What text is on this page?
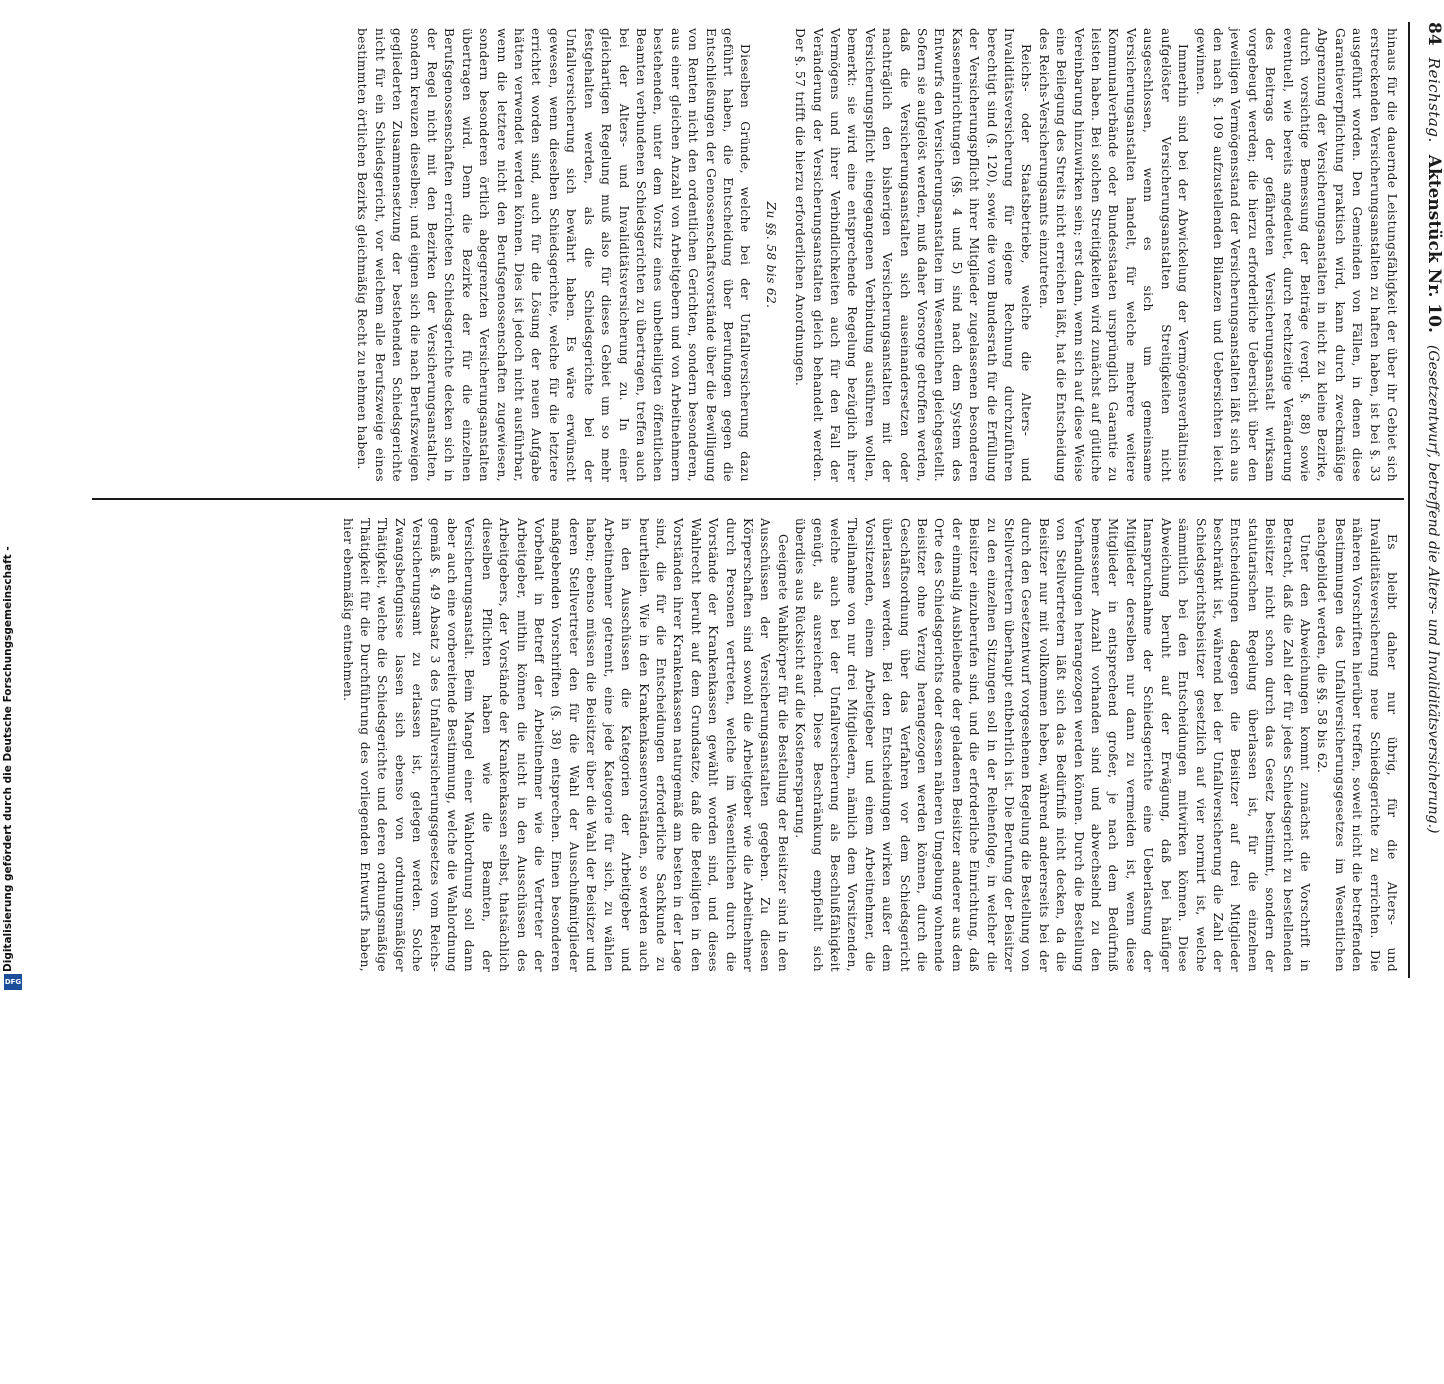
Digitalisierung gefördert durch die Deutsche Forschungsgemeinschaft -
DFG
84
Reichstag.
Aktenstück Nr. 10.
(Gesetzentwurf, betreffend die Alters- und Invaliditätsversicherung.)

hinaus für die dauernde Leistungsfähigkeit der über ihr Gebiet sich erstreckenden Versicherungsanstalten zu haften haben, ist bei §. 33 ausgeführt worden. Den Gemeinden von Fällen, in denen diese Garantieverpflichtung praktisch wird, kann durch zweckmäßige Abgrenzung der Versicherungsanstalten in nicht zu kleine Bezirke, durch vorsichtige Bemessung der Beiträge (vergl. §. 88) sowie eventuell, wie bereits angedeutet, durch rechtzeitige Veränderung des Beitrags der gefährdeten Versicherungsanstalt wirksam vorgebeugt werden; die hierzu erforderliche Uebersicht über den jeweiligen Vermögensstand der Versicherungsanstalten läßt sich aus den nach §. 109 aufzustellenden Bilanzen und Uebersichten leicht gewinnen.

Immerhin sind bei der Abwickelung der Vermögensverhältnisse aufgelöster Versicherungsanstalten Streitigkeiten nicht ausgeschlossen, wenn es sich um gemeinsame Versicherungsanstalten handelt, für welche mehrere weitere Kommunalverbände oder Bundesstaaten ursprünglich Garantie zu leisten haben. Bei solchen Streitigkeiten wird zunächst auf gütliche Vereinbarung hinzuwirken sein; erst dann, wenn sich auf diese Weise eine Beilegung des Streits nicht erreichen läßt, hat die Entscheidung des Reichs-Versicherungsamts einzutreten.

Reichs- oder Staatsbetriebe, welche die Alters- und Invaliditätsversicherung für eigene Rechnung durchzuführen berechtigt sind (§. 120), sowie die vom Bundesrath für die Erfüllung der Versicherungspflicht ihrer Mitglieder zugelassenen besonderen Kasseneinrichtungen (§§. 4 und 5) sind nach dem System des Entwurfs den Versicherungsanstalten im Wesentlichen gleichgestellt. Sofern sie aufgelöst werden, muß daher Vorsorge getroffen werden, daß die Versicherungsanstalten sich auseinandersetzen oder nachträglich den bisherigen Versicherungsanstalten mit der Versicherungspflicht eingegangenen Verbindung ausführen wollen, bemerkt: sie wird eine entsprechende Regelung bezüglich ihrer Vermögens und ihrer Verbindlichkeiten auch für den Fall der Veränderung der Versicherungsanstalten gleich behandelt werden. Der §. 57 trifft die hierzu erforderlichen Anordnungen.

Zu §§. 58 bis 62.

Dieselben Gründe, welche bei der Unfallversicherung dazu geführt haben, die Entscheidung über Berufungen gegen die Entschließungen der Genossenschaftsvorstände über die Bewilligung von Renten nicht den ordentlichen Gerichten, sondern besonderen, aus einer gleichen Anzahl von Arbeitgebern und von Arbeitnehmern bestehenden, unter dem Vorsitz eines unbetheiligten öffentlichen Beamten verbundenen Schiedsgerichten zu übertragen, treffen auch bei der Alters- und Invaliditätsversicherung zu. In einer gleichartigen Regelung muß also für dieses Gebiet um so mehr festgehalten werden, als die Schiedsgerichte bei der Unfallversicherung sich bewährt haben. Es wäre erwünscht gewesen, wenn dieselben Schiedsgerichte, welche für die letztere errichtet worden sind, auch für die Lösung der neuen Aufgabe hätten verwendet werden können. Dies ist jedoch nicht ausführbar, wenn die letztere nicht den Berufsgenossenschaften zugewiesen, sondern besonderen örtlich abgegrenzten Versicherungsanstalten übertragen wird. Denn die Bezirke der für die einzelnen Berufsgenossenschaften errichteten Schiedsgerichte decken sich in der Regel nicht mit den Bezirken der Versicherungsanstalten, sondern kreuzen dieselben; und eignen sich die nach Berufszweigen gegliederten Zusammensetzung der bestehenden Schiedsgerichte nicht für ein Schiedsgericht, vor welchem alle Berufszweige eines bestimmten örtlichen Bezirks gleichmäßig Recht zu nehmen haben.

Es bleibt daher nur übrig, für die Alters- und Invaliditätsversicherung neue Schiedsgerichte zu errichten. Die näheren Vorschriften hierüber treffen, soweit nicht die betreffenden Bestimmungen des Unfallversicherungsgesetzes im Wesentlichen nachgebildet werden, die §§. 58 bis 62.

Unter den Abweichungen kommt zunächst die Vorschrift in Betracht, daß die Zahl der für jedes Schiedsgericht zu bestellenden Beisitzer nicht schon durch das Gesetz bestimmt, sondern der statutarischen Regelung überlassen ist, für die einzelnen Entscheidungen dagegen die Beisitzer auf drei Mitglieder beschränkt ist, während bei der Unfallversicherung die Zahl der Schiedsgerichtsbeisitzer gesetzlich auf vier normirt ist, welche sämmtlich bei den Entscheidungen mitwirken können. Diese Abweichung beruht auf der Erwägung, daß bei häufiger Inanspruchnahme der Schiedsgerichte eine Ueberlastung der Mitglieder derselben nur dann zu vermeiden ist, wenn diese Mitglieder in entsprechend großer, je nach dem Bedürfniß bemessener Anzahl vorhanden sind und abwechselnd zu den Verhandlungen herangezogen werden können. Durch die Bestellung von Stellvertretern läßt sich das Bedürfniß nicht decken, da die Beisitzer nur mit vollkommen heben, während andererseits bei der durch den Gesetzentwurf vorgesehenen Regelung die Bestellung von Stellvertretern überhaupt entbehrlich ist. Die Berufung der Beisitzer zu den einzelnen Sitzungen soll in der Reihenfolge, in welcher die Beisitzer einzuberufen sind, und die erforderliche Einrichtung, daß der einmalig Ausbleibende der geladenen Beisitzer anderer aus dem Orte des Schiedsgerichts oder dessen näheren Umgebung wohnende Beisitzer ohne Verzug herangezogen werden können, durch die Geschäftsordnung über das Verfahren vor dem Schiedsgericht überlassen werden. Bei den Entscheidungen wirken außer dem Vorsitzenden, einem Arbeitgeber und einem Arbeitnehmer, die Theilnahme von nur drei Mitgliedern, nämlich dem Vorsitzenden, welche auch bei der Unfallversicherung als Beschlußfähigkeit genügt, als ausreichend. Diese Beschränkung empfiehlt sich überdies aus Rücksicht auf die Kostenersparung.

Geeignete Wahlkörper für die Bestellung der Beisitzer sind in den Ausschüssen der Versicherungsanstalten gegeben. Zu diesen Körperschaften sind sowohl die Arbeitgeber wie die Arbeitnehmer durch Personen vertreten, welche im Wesentlichen durch die Vorstände der Krankenkassen gewählt worden sind, und dieses Wahlrecht beruht auf dem Grundsatze, daß die Beteiligten in den Vorständen ihrer Krankenkassen naturgemäß am besten in der Lage sind, die für die Entscheidungen erforderliche Sachkunde zu beurtheilen. Wie in den Krankenkassenvorständen, so werden auch in den Ausschüssen die Kategorien der Arbeitgeber und Arbeitnehmer getrennt, eine jede Kategorie für sich, zu wählen haben; ebenso müssen die Beisitzer über die Wahl der Beisitzer und deren Stellvertreter den für die Wahl der Ausschußmitglieder maßgebenden Vorschriften (§. 38) entsprechen. Einen besonderen Vorbehalt in Betreff der Arbeitnehmer wie die Vertreter der Arbeitgeber, mithin können die nicht in den Ausschüssen des Arbeitgebers, der Vorstände der Krankenkassen selbst, thatsächlich dieselben Pflichten haben wie die Beamten, der Versicherungsanstalt. Beim Mangel einer Wahlordnung soll dann aber auch eine vorbereitende Bestimmung, welche die Wahlordnung gemäß §. 49 Absatz 3 des Unfallversicherungsgesetzes vom Reichs-Versicherungsamt zu erlassen ist, gelegen werden. Solche Zwangsbefugnisse lassen sich ebenso von ordnungsmäßiger Thätigkeit, welche die Schiedsgerichte und deren ordnungsmäßige Thätigkeit für die Durchführung des vorliegenden Entwurfs haben, hier ebenmäßig entnehmen.
